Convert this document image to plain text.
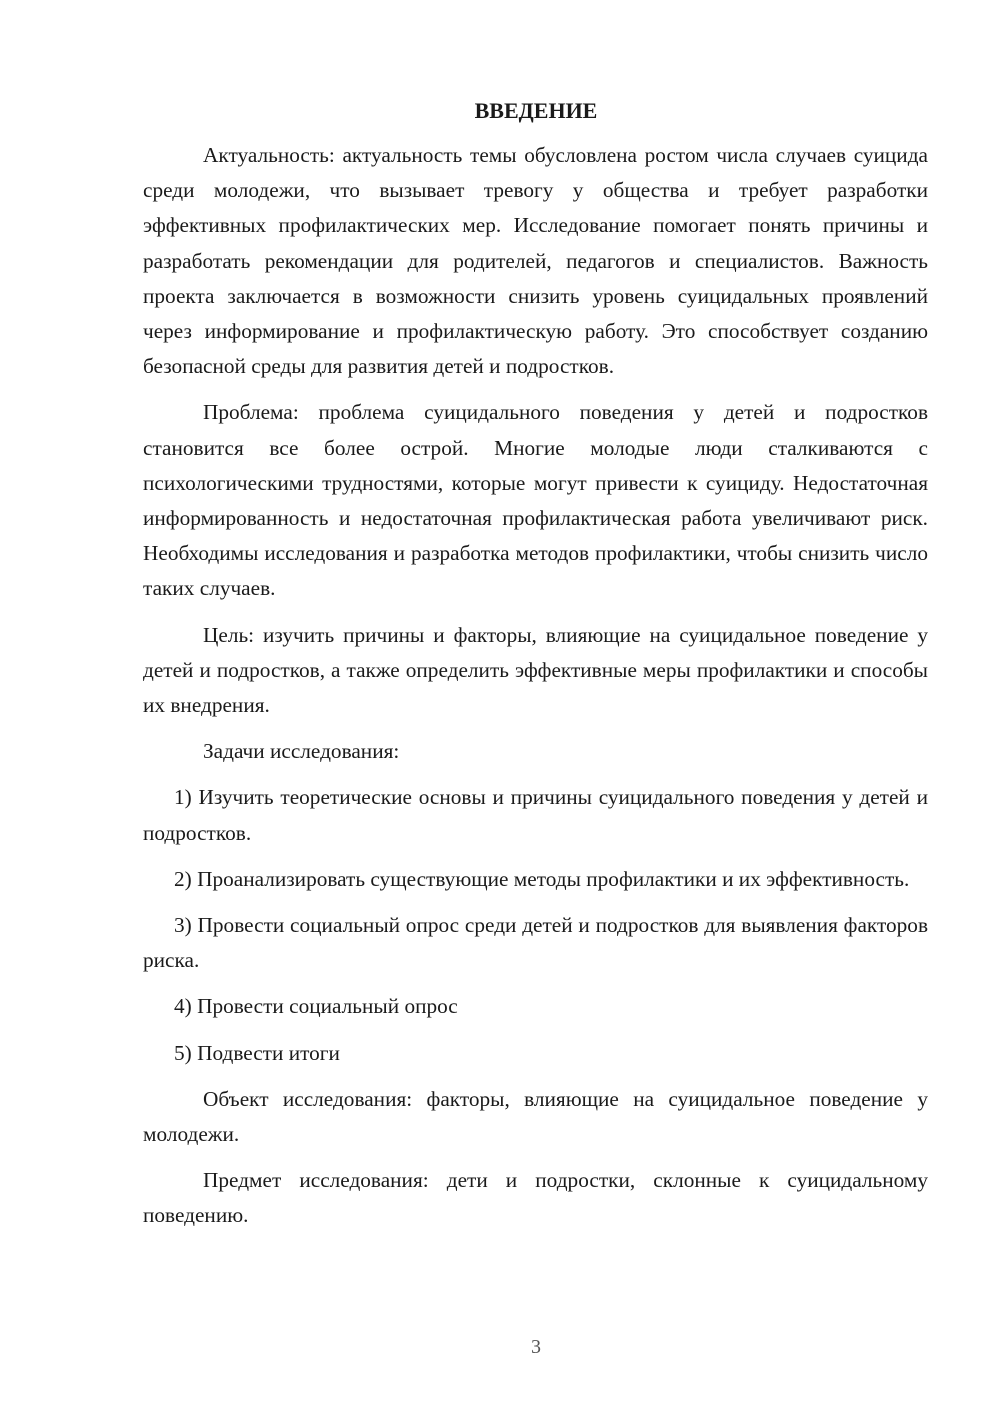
ВВЕДЕНИЕ

Актуальность: актуальность темы обусловлена ростом числа случаев суицида среди молодежи, что вызывает тревогу у общества и требует разработки эффективных профилактических мер. Исследование помогает понять причины и разработать рекомендации для родителей, педагогов и специалистов. Важность проекта заключается в возможности снизить уровень суицидальных проявлений через информирование и профилактическую работу. Это способствует созданию безопасной среды для развития детей и подростков.

Проблема: проблема суицидального поведения у детей и подростков становится все более острой. Многие молодые люди сталкиваются с психологическими трудностями, которые могут привести к суициду. Недостаточная информированность и недостаточная профилактическая работа увеличивают риск. Необходимы исследования и разработка методов профилактики, чтобы снизить число таких случаев.

Цель: изучить причины и факторы, влияющие на суицидальное поведение у детей и подростков, а также определить эффективные меры профилактики и способы их внедрения.

Задачи исследования:

1) Изучить теоретические основы и причины суицидального поведения у детей и подростков.

2) Проанализировать существующие методы профилактики и их эффективность.

3) Провести социальный опрос среди детей и подростков для выявления факторов риска.

4) Провести социальный опрос

5) Подвести итоги

Объект исследования: факторы, влияющие на суицидальное поведение у молодежи.

Предмет исследования: дети и подростки, склонные к суицидальному поведению.

3
